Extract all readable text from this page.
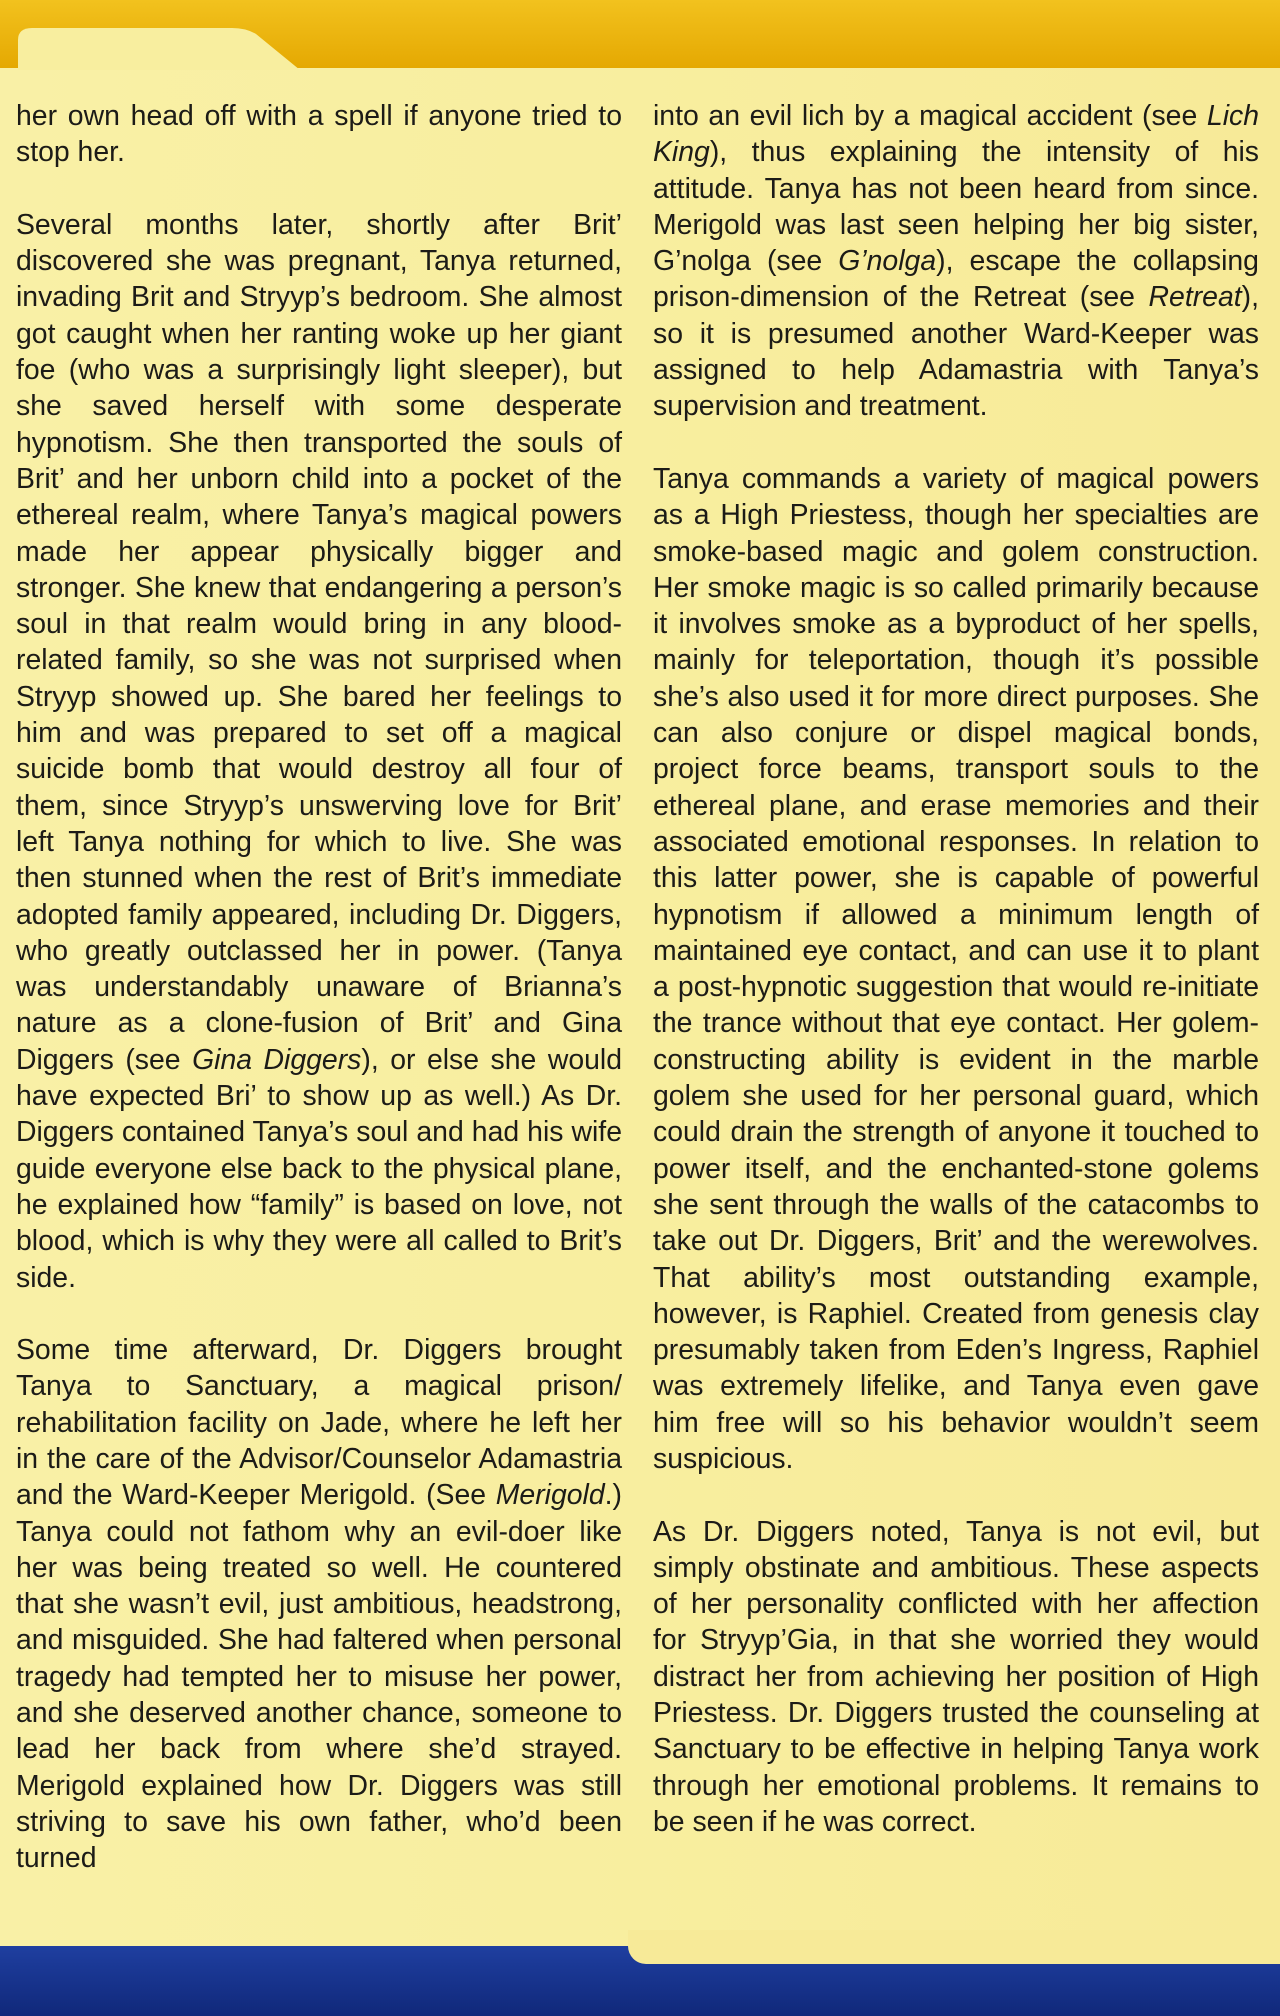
her own head off with a spell if anyone tried to stop her.

Several months later, shortly after Brit’ discovered she was pregnant, Tanya returned, invading Brit and Stryyp’s bedroom. She almost got caught when her ranting woke up her giant foe (who was a surprisingly light sleeper), but she saved herself with some desperate hypnotism. She then transported the souls of Brit’ and her unborn child into a pocket of the ethereal realm, where Tanya’s magical powers made her appear physically bigger and stronger. She knew that endangering a person’s soul in that realm would bring in any blood-related family, so she was not surprised when Stryyp showed up. She bared her feelings to him and was prepared to set off a magical suicide bomb that would destroy all four of them, since Stryyp’s unswerving love for Brit’ left Tanya nothing for which to live. She was then stunned when the rest of Brit’s immediate adopted family appeared, including Dr. Diggers, who greatly outclassed her in power. (Tanya was understandably unaware of Brianna’s nature as a clone-fusion of Brit’ and Gina Diggers (see Gina Diggers), or else she would have expected Bri’ to show up as well.) As Dr. Diggers contained Tanya’s soul and had his wife guide everyone else back to the physical plane, he explained how “family” is based on love, not blood, which is why they were all called to Brit’s side.

Some time afterward, Dr. Diggers brought Tanya to Sanctuary, a magical prison/ rehabilitation facility on Jade, where he left her in the care of the Advisor/Counselor Adamastria and the Ward-Keeper Merigold. (See Merigold.) Tanya could not fathom why an evil-doer like her was being treated so well. He countered that she wasn’t evil, just ambitious, headstrong, and misguided. She had faltered when personal tragedy had tempted her to misuse her power, and she deserved another chance, someone to lead her back from where she’d strayed. Merigold explained how Dr. Diggers was still striving to save his own father, who’d been turned

into an evil lich by a magical accident (see Lich King), thus explaining the intensity of his attitude. Tanya has not been heard from since. Merigold was last seen helping her big sister, G’nolga (see G’nolga), escape the collapsing prison-dimension of the Retreat (see Retreat), so it is presumed another Ward-Keeper was assigned to help Adamastria with Tanya’s supervision and treatment.

Tanya commands a variety of magical powers as a High Priestess, though her specialties are smoke-based magic and golem construction. Her smoke magic is so called primarily because it involves smoke as a byproduct of her spells, mainly for teleportation, though it’s possible she’s also used it for more direct purposes. She can also conjure or dispel magical bonds, project force beams, transport souls to the ethereal plane, and erase memories and their associated emotional responses. In relation to this latter power, she is capable of powerful hypnotism if allowed a minimum length of maintained eye contact, and can use it to plant a post-hypnotic suggestion that would re-initiate the trance without that eye contact. Her golem-constructing ability is evident in the marble golem she used for her personal guard, which could drain the strength of anyone it touched to power itself, and the enchanted-stone golems she sent through the walls of the catacombs to take out Dr. Diggers, Brit’ and the werewolves. That ability’s most outstanding example, however, is Raphiel. Created from genesis clay presumably taken from Eden’s Ingress, Raphiel was extremely lifelike, and Tanya even gave him free will so his behavior wouldn’t seem suspicious.

As Dr. Diggers noted, Tanya is not evil, but simply obstinate and ambitious. These aspects of her personality conflicted with her affection for Stryyp’Gia, in that she worried they would distract her from achieving her position of High Priestess. Dr. Diggers trusted the counseling at Sanctuary to be effective in helping Tanya work through her emotional problems. It remains to be seen if he was correct.
